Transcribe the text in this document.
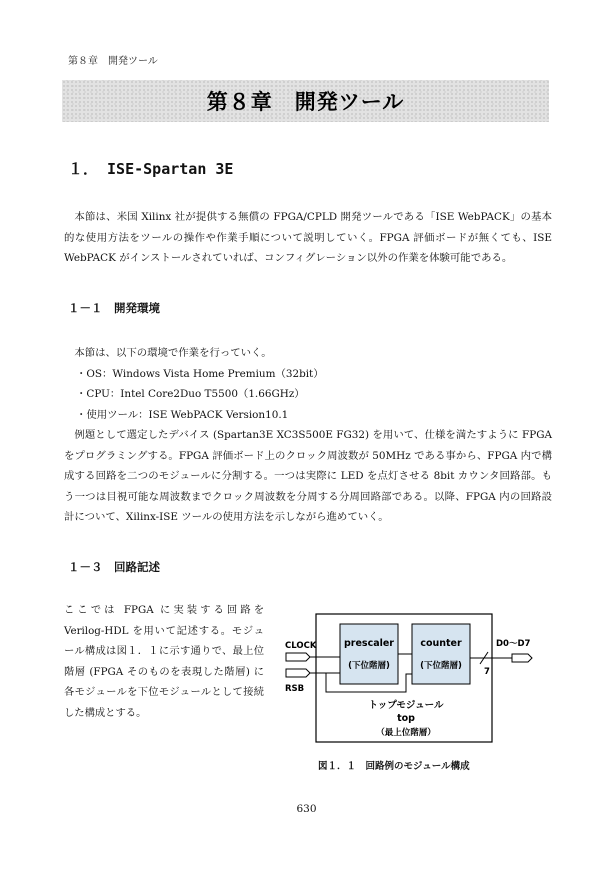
第８章　開発ツール
第８章　開発ツール
１． ISE-Spartan 3E

本節は、米国 Xilinx 社が提供する無償の FPGA/CPLD 開発ツールである「ISE WebPACK」の基本的な使用方法をツールの操作や作業手順について説明していく。FPGA 評価ボードが無くても、ISE WebPACK がインストールされていれば、コンフィグレーション以外の作業を体験可能である。

１－１　開発環境

本節は、以下の環境で作業を行っていく。

・OS：Windows Vista Home Premium（32bit）

・CPU：Intel Core2Duo T5500（1.66GHz）

・使用ツール：ISE WebPACK Version10.1

例題として選定したデバイス (Spartan3E XC3S500E FG32) を用いて、仕様を満たすように FPGA をプログラミングする。FPGA 評価ボード上のクロック周波数が 50MHz である事から、FPGA 内で構成する回路を二つのモジュールに分割する。一つは実際に LED を点灯させる 8bit カウンタ回路部。もう一つは目視可能な周波数までクロック周波数を分周する分周回路部である。以降、FPGA 内の回路設計について、Xilinx-ISE ツールの使用方法を示しながら進めていく。

１－３　回路記述

ここでは FPGA に実装する回路を Verilog-HDL を用いて記述する。モジュール構成は図１．１に示す通りで、最上位階層 (FPGA そのものを表現した階層) に各モジュールを下位モジュールとして接続した構成とする。

prescaler
(下位階層)
counter
(下位階層)
CLOCK
RSB
7
D0～D7
トップモジュール
top
（最上位階層）
図１．１　回路例のモジュール構成
630
